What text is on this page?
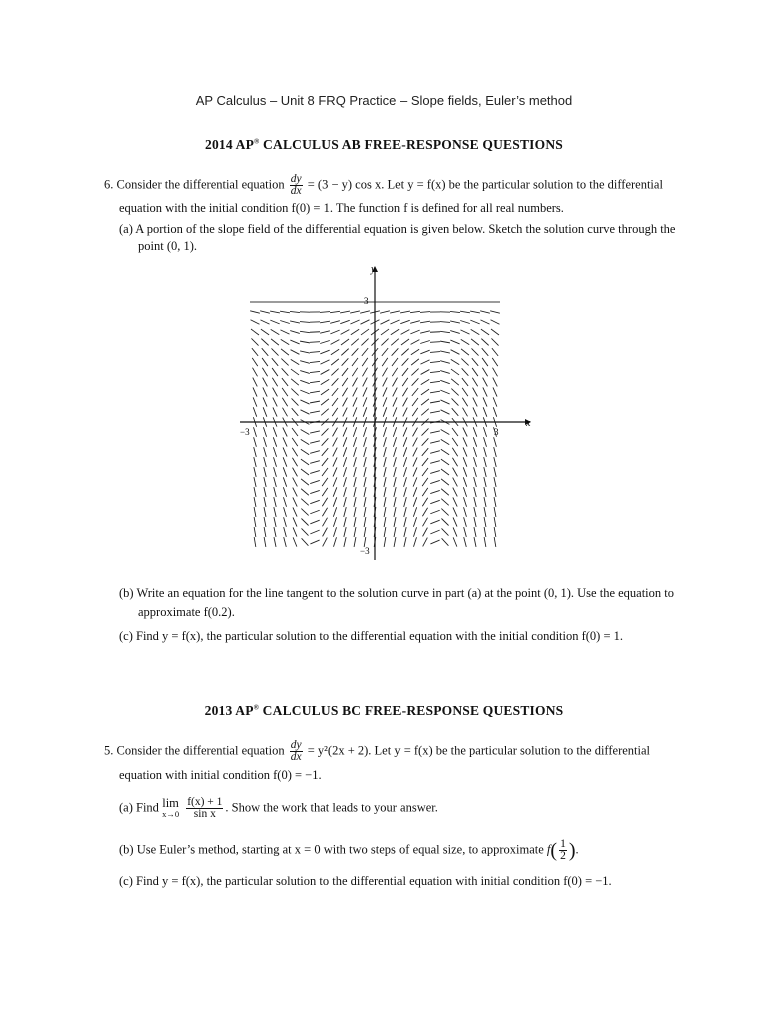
AP Calculus – Unit 8 FRQ Practice – Slope fields, Euler’s method
2014 AP® CALCULUS AB FREE-RESPONSE QUESTIONS
6. Consider the differential equation $\frac{dy}{dx} = (3 - y)$ cos x. Let y = f(x) be the particular solution to the differential
equation with the initial condition f(0) = 1. The function f is defined for all real numbers.
(a) A portion of the slope field of the differential equation is given below. Sketch the solution curve through the
point (0, 1).
y
x
−3	3
3
−3
(b) Write an equation for the line tangent to the solution curve in part (a) at the point (0, 1). Use the equation to
approximate f(0.2).
(c) Find y = f(x), the particular solution to the differential equation with the initial condition f(0) = 1.
2013 AP® CALCULUS BC FREE-RESPONSE QUESTIONS
5. Consider the differential equation $\frac{dy}{dx} = y^2(2x + 2)$. Let y = f(x) be the particular solution to the differential
equation with initial condition f(0) = −1.
(a) Find lim
x→0
$\frac{f(x) + 1}{\text{sin x}}$ . Show the work that leads to your answer.
(b) Use Euler’s method, starting at x = 0 with two steps of equal size, to approximate $f( \frac{1}{2}$ ).
(c) Find y = f(x), the particular solution to the differential equation with initial condition f(0) = −1.
